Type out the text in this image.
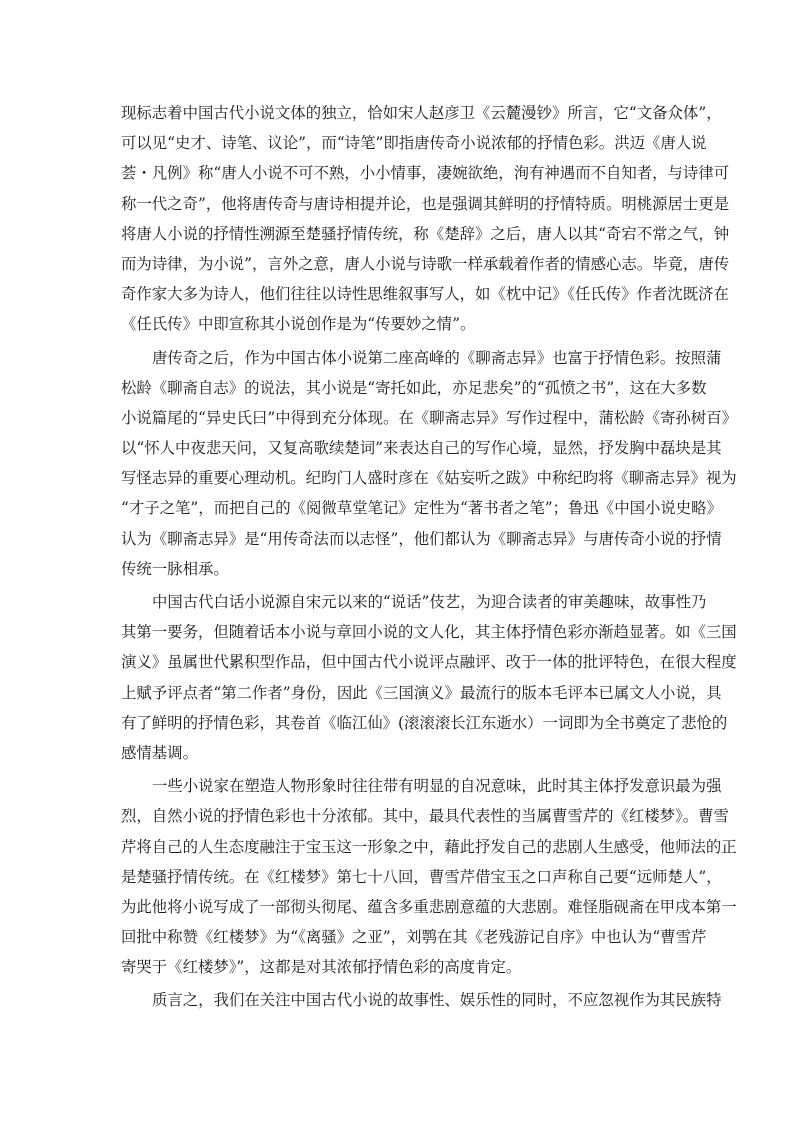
现标志着中国古代小说文体的独立，恰如宋人赵彦卫《云麓漫钞》所言，它“文备众体”，
可以见“史才、诗笔、议论”，而“诗笔”即指唐传奇小说浓郁的抒情色彩。洪迈《唐人说
荟・凡例》称“唐人小说不可不熟，小小情事，凄婉欲绝，洵有神遇而不自知者，与诗律可
称一代之奇”，他将唐传奇与唐诗相提并论，也是强调其鲜明的抒情特质。明桃源居士更是
将唐人小说的抒情性溯源至楚骚抒情传统，称《楚辞》之后，唐人以其“奇宕不常之气，钟
而为诗律，为小说”，言外之意，唐人小说与诗歌一样承载着作者的情感心志。毕竟，唐传
奇作家大多为诗人，他们往往以诗性思维叙事写人，如《枕中记》《任氏传》作者沈既济在
《任氏传》中即宣称其小说创作是为“传要妙之情”。
唐传奇之后，作为中国古体小说第二座高峰的《聊斋志异》也富于抒情色彩。按照蒲
松龄《聊斋自志》的说法，其小说是“寄托如此，亦足悲矣”的“孤愤之书”，这在大多数
小说篇尾的“异史氏曰”中得到充分体现。在《聊斋志异》写作过程中，蒲松龄《寄孙树百》
以“怀人中夜悲天问，又复高歌续楚词”来表达自己的写作心境，显然，抒发胸中磊块是其
写怪志异的重要心理动机。纪昀门人盛时彦在《姑妄听之跋》中称纪昀将《聊斋志异》视为
“才子之笔”，而把自己的《阅微草堂笔记》定性为“著书者之笔”；鲁迅《中国小说史略》
认为《聊斋志异》是“用传奇法而以志怪”，他们都认为《聊斋志异》与唐传奇小说的抒情
传统一脉相承。
中国古代白话小说源自宋元以来的“说话”伎艺，为迎合读者的审美趣味，故事性乃
其第一要务，但随着话本小说与章回小说的文人化，其主体抒情色彩亦渐趋显著。如《三国
演义》虽属世代累积型作品，但中国古代小说评点融评、改于一体的批评特色，在很大程度
上赋予评点者“第二作者”身份，因此《三国演义》最流行的版本毛评本已属文人小说，具
有了鲜明的抒情色彩，其卷首《临江仙》(滚滚滚长江东逝水）一词即为全书奠定了悲怆的
感情基调。
一些小说家在塑造人物形象时往往带有明显的自况意味，此时其主体抒发意识最为强
烈，自然小说的抒情色彩也十分浓郁。其中，最具代表性的当属曹雪芹的《红楼梦》。曹雪
芹将自己的人生态度融注于宝玉这一形象之中，藉此抒发自己的悲剧人生感受，他师法的正
是楚骚抒情传统。在《红楼梦》第七十八回，曹雪芹借宝玉之口声称自己要“远师楚人”，
为此他将小说写成了一部彻头彻尾、蕴含多重悲剧意蕴的大悲剧。难怪脂砚斋在甲戌本第一
回批中称赞《红楼梦》为“《离骚》之亚”，刘鹗在其《老残游记自序》中也认为“曹雪芹
寄哭于《红楼梦》”，这都是对其浓郁抒情色彩的高度肯定。
质言之，我们在关注中国古代小说的故事性、娱乐性的同时，不应忽视作为其民族特
